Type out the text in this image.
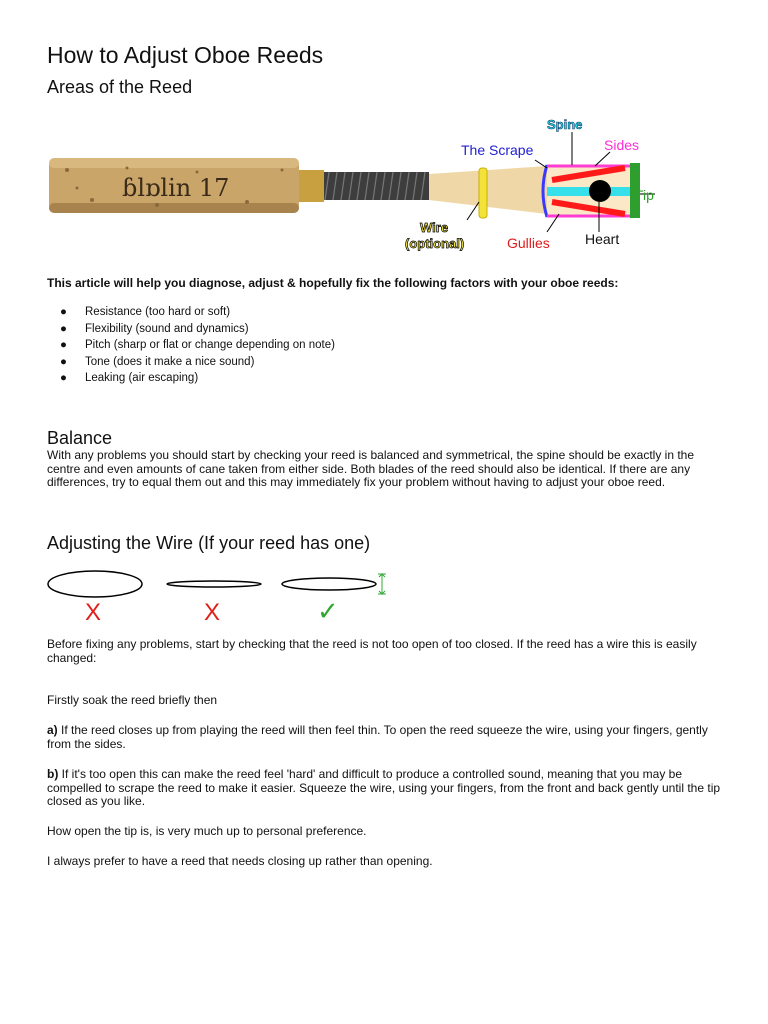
How to Adjust Oboe Reeds
Areas of the Reed
ɓlɒlin 17
Spine
Sides
The Scrape
Tip
Wire
(optional)	Gullies	Heart

This article will help you diagnose, adjust & hopefully fix the following factors with your oboe reeds:

● Resistance (too hard or soft)
● Flexibility (sound and dynamics)
● Pitch (sharp or flat or change depending on note)
● Tone (does it make a nice sound)
● Leaking (air escaping)
Balance

With any problems you should start by checking your reed is balanced and symmetrical, the spine should be exactly in the centre and even amounts of cane taken from either side. Both blades of the reed should also be identical. If there are any differences, try to equal them out and this may immediately fix your problem without having to adjust your oboe reed.

Adjusting the Wire (If your reed has one)
X	X	✓

Before fixing any problems, start by checking that the reed is not too open of too closed. If the reed has a wire this is easily changed:

Firstly soak the reed briefly then

a) If the reed closes up from playing the reed will then feel thin. To open the reed squeeze the wire, using your fingers, gently from the sides.

b) If it's too open this can make the reed feel 'hard' and difficult to produce a controlled sound, meaning that you may be compelled to scrape the reed to make it easier. Squeeze the wire, using your fingers, from the front and back gently until the tip closed as you like.

How open the tip is, is very much up to personal preference.

I always prefer to have a reed that needs closing up rather than opening.
